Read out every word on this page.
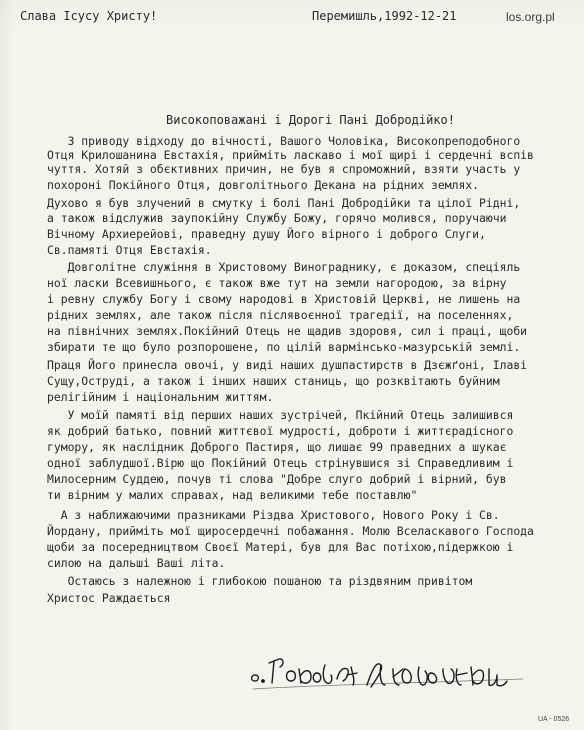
Слава Ісусу Христу!	Перемишль,1992-12-21	los.org.pl
Високоповажані і Дорогі Пані Добродійко!
З приводу відходу до вічності, Вашого Чоловіка, Високопреподобного
Отця Крилошанина Евстахія, прийміть ласкаво і мої щирі і сердечні вспів
чуття. Хотяй з обєктивних причин, не був я спроможний, взяти участь у
похороні Покійного Отця, довголітнього Декана на рідних землях.
Духово я був злучений в смутку і болі Пані Добродійки та цілої Рідні,
а також відслужив заупокійну Службу Божу, горячо молився, поручаючи
Вічному Архиерейові, праведну душу Його вірного і доброго Слуги,
Св.памяті Отця Евстахія.
Довголітне служіння в Христовому Винограднику, є доказом, спеціяль
ної ласки Всевишнього, є також вже тут на земли нагородою, за вірну
і ревну службу Богу і свому народові в Христовій Церкві, не лишень на
рідних землях, але також після післявоєнної трагедії, на поселеннях,
на північних землях.Покійний Отець не щадив здоровя, сил і праці, щоби
збирати те що було розпорошене, по цілій вармінсько-мазурській землі.
Праця Його принесла овочі, у виді наших душпастирств в Дзєжґоні, Ілаві
Сущу,Оструді, а також і інших наших станиць, що розквітають буйним
релігійним і національним життям.
У моїй памяті від перших наших зустрічей, Пкійний Отець залишився
як добрий батько, повний життєвої мудрості, доброти і життєрадісного
гумору, як наслідник Доброго Пастиря, що лишає 99 праведних а шукає
одної заблудшої.Вірю що Покійний Отець стрінувшися зі Справедливим і
Милосерним Суддею, почув ті слова "Добре слуго добрий і вірний, був
ти вірним у малих справах, над великими тебе поставлю"
А з наближаючими празниками Різдва Христового, Нового Року і Св.
Йордану, прийміть мої щиросердечні побажання. Молю Вселаскавого Господа
щоби за посередництвом Своєї Матері, був для Вас потіхою,підержкою і
силою на дальші Ваші літа.
Остаюсь з належною і глибокою пошаною та різдвяним привітом
Христос Раждається
UA - 0526
